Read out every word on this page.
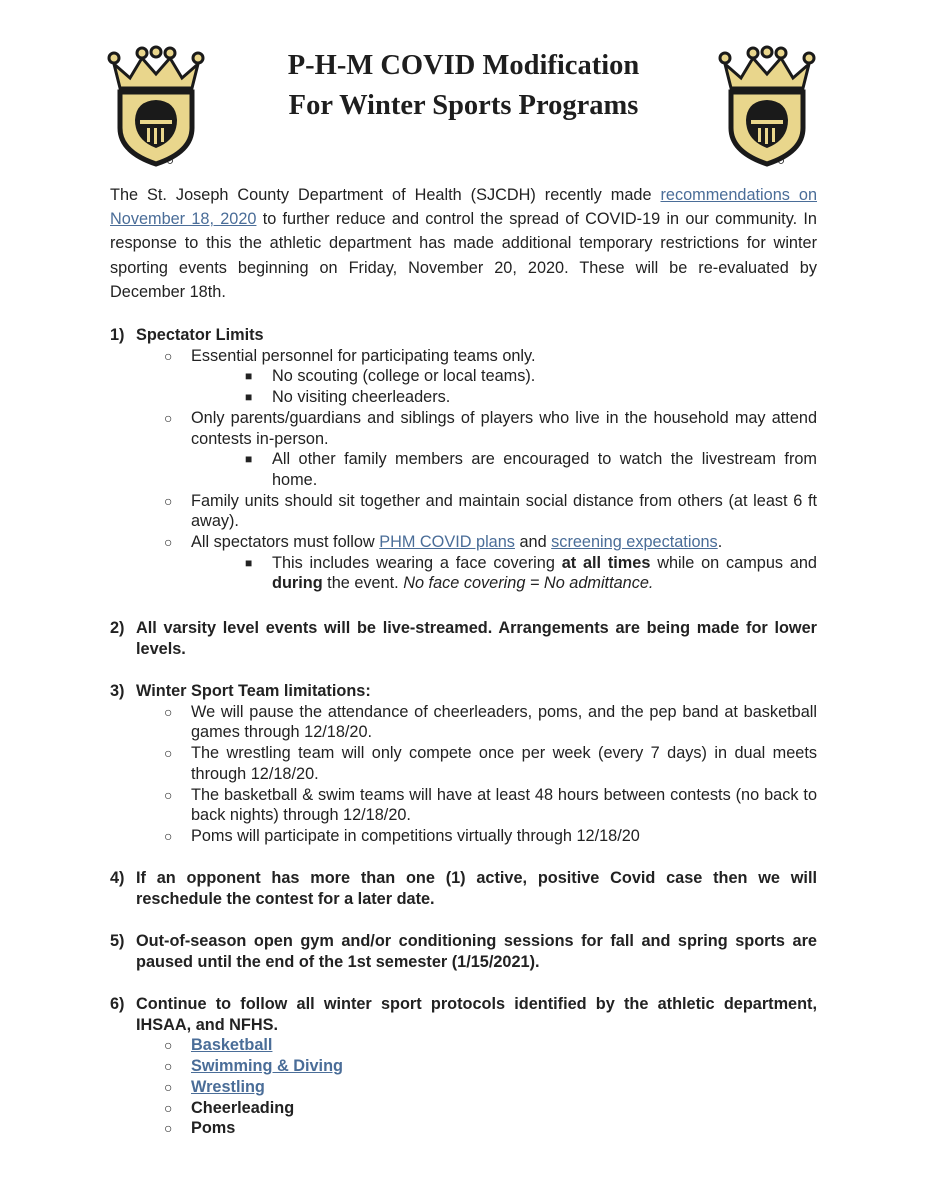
P-H-M COVID Modification
For Winter Sports Programs

The St. Joseph County Department of Health (SJCDH) recently made recommendations on November 18, 2020 to further reduce and control the spread of COVID-19 in our community. In response to this the athletic department has made additional temporary restrictions for winter sporting events beginning on Friday, November 20, 2020. These will be re-evaluated by December 18th.

1) Spectator Limits
○ Essential personnel for participating teams only.
■ No scouting (college or local teams).
■ No visiting cheerleaders.
○ Only parents/guardians and siblings of players who live in the household may attend contests in-person.
■ All other family members are encouraged to watch the livestream from home.
○ Family units should sit together and maintain social distance from others (at least 6 ft away).
○ All spectators must follow PHM COVID plans and screening expectations.
■ This includes wearing a face covering at all times while on campus and during the event. No face covering = No admittance.
2) All varsity level events will be live-streamed. Arrangements are being made for lower levels.
3) Winter Sport Team limitations:
○ We will pause the attendance of cheerleaders, poms, and the pep band at basketball games through 12/18/20.
○ The wrestling team will only compete once per week (every 7 days) in dual meets through 12/18/20.
○ The basketball & swim teams will have at least 48 hours between contests (no back to back nights) through 12/18/20.
○ Poms will participate in competitions virtually through 12/18/20
4) If an opponent has more than one (1) active, positive Covid case then we will reschedule the contest for a later date.
5) Out-of-season open gym and/or conditioning sessions for fall and spring sports are paused until the end of the 1st semester (1/15/2021).
6) Continue to follow all winter sport protocols identified by the athletic department, IHSAA, and NFHS.
○ Basketball
○ Swimming & Diving
○ Wrestling
○ Cheerleading
○ Poms
